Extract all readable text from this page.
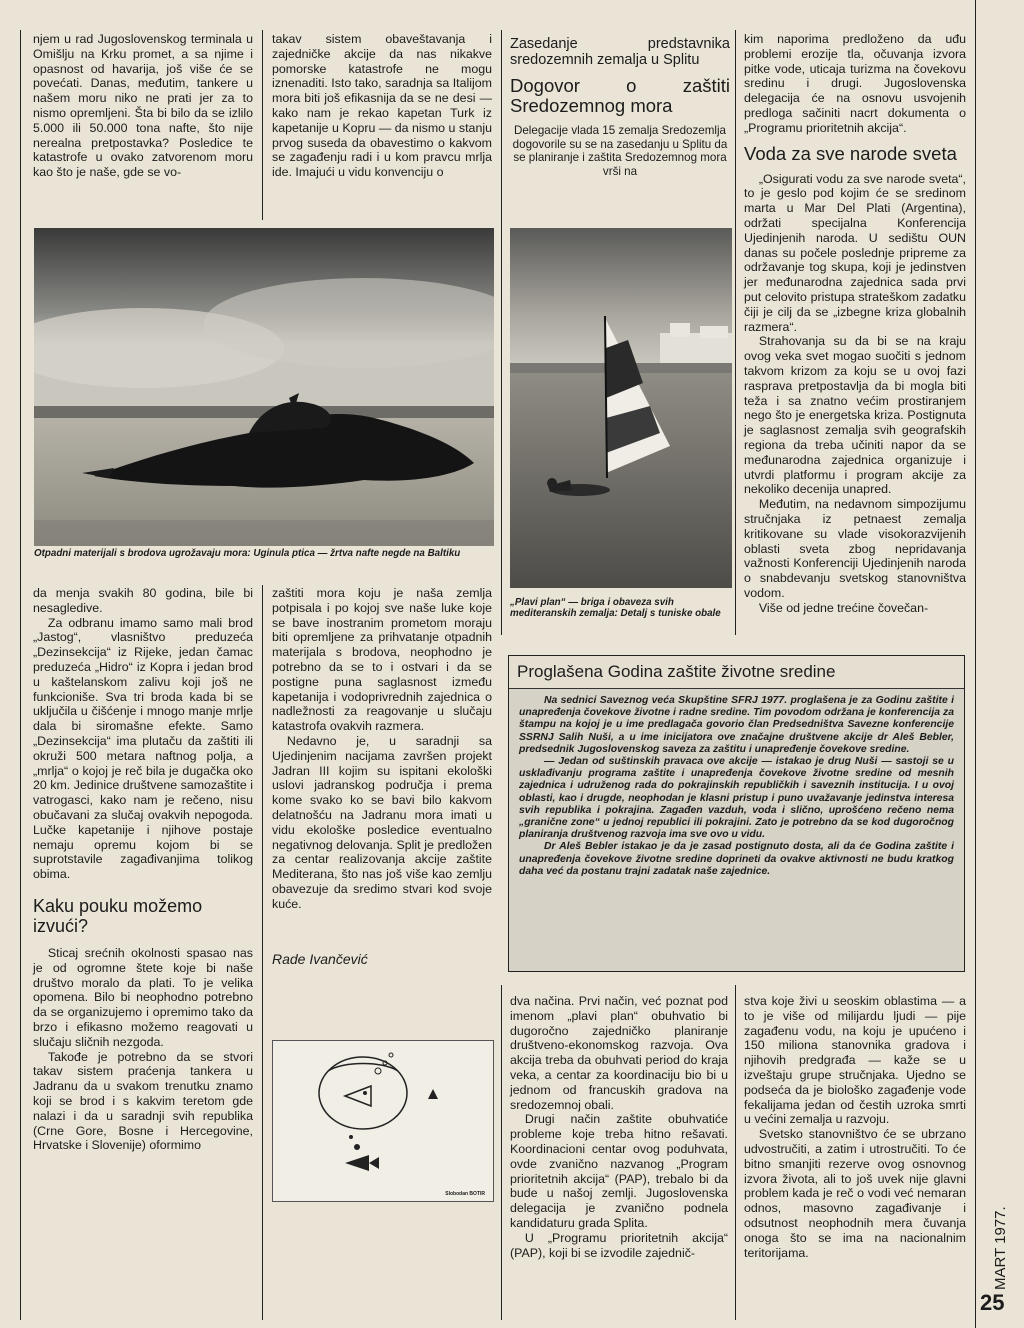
njem u rad Jugoslovenskog terminala u Omišlju na Krku promet, a sa njime i opasnost od havarija, još više će se povećati. Danas, međutim, tankere u našem moru niko ne prati jer za to nismo opremljeni. Šta bi bilo da se izlilo 5.000 ili 50.000 tona nafte, što nije nerealna pretpostavka? Posledice te katastrofe u ovako zatvorenom moru kao što je naše, gde se vo-

takav sistem obaveštavanja i zajedničke akcije da nas nikakve pomorske katastrofe ne mogu iznenaditi. Isto tako, saradnja sa Italijom mora biti još efikasnija da se ne desi — kako nam je rekao kapetan Turk iz kapetanije u Kopru — da nismo u stanju prvog suseda da obavestimo o kakvom se zagađenju radi i u kom pravcu mrlja ide. Imajući u vidu konvenciju o

Otpadni materijali s brodova ugrožavaju mora: Uginula ptica — žrtva nafte negde na Baltiku
Zasedanje predstavnika sredozemnih zemalja u Splitu
Dogovor o zaštiti Sredozemnog mora
Delegacije vlada 15 zemalja Sredozemlja dogovorile su se na zasedanju u Splitu da se planiranje i zaštita Sredozemnog mora vrši na
„Plavi plan“ — briga i obaveza svih mediteranskih zemalja: Detalj s tuniske obale

kim naporima predloženo da uđu problemi erozije tla, očuvanja izvora pitke vode, uticaja turizma na čovekovu sredinu i drugi. Jugoslovenska delegacija će na osnovu usvojenih predloga sačiniti nacrt dokumenta o „Programu prioritetnih akcija“.

Voda za sve narode sveta

„Osigurati vodu za sve narode sveta“, to je geslo pod kojim će se sredinom marta u Mar Del Plati (Argentina), održati specijalna Konferencija Ujedinjenih naroda. U sedištu OUN danas su počele poslednje pripreme za održavanje tog skupa, koji je jedinstven jer međunarodna zajednica sada prvi put celovito pristupa strateškom zadatku čiji je cilj da se „izbegne kriza globalnih razmera“.

Strahovanja su da bi se na kraju ovog veka svet mogao suočiti s jednom takvom krizom za koju se u ovoj fazi rasprava pretpostavlja da bi mogla biti teža i sa znatno većim prostiranjem nego što je energetska kriza. Postignuta je saglasnost zemalja svih geografskih regiona da treba učiniti napor da se međunarodna zajednica organizuje i utvrdi platformu i program akcije za nekoliko decenija unapred.

Međutim, na nedavnom simpozijumu stručnjaka iz petnaest zemalja kritikovane su vlade visokorazvijenih oblasti sveta zbog nepridavanja važnosti Konferenciji Ujedinjenih naroda o snabdevanju svetskog stanovništva vodom.

Više od jedne trećine čovečan-

da menja svakih 80 godina, bile bi nesagledive.

Za odbranu imamo samo mali brod „Jastog“, vlasništvo preduzeća „Dezinsekcija“ iz Rijeke, jedan čamac preduzeća „Hidro“ iz Kopra i jedan brod u kaštelanskom zalivu koji još ne funkcioniše. Sva tri broda kada bi se uključila u čišćenje i mnogo manje mrlje dala bi siromašne efekte. Samo „Dezinsekcija“ ima plutaču da zaštiti ili okruži 500 metara naftnog polja, a „mrlja“ o kojoj je reč bila je dugačka oko 20 km. Jedinice društvene samozaštite i vatrogasci, kako nam je rečeno, nisu obučavani za slučaj ovakvih nepogoda. Lučke kapetanije i njihove postaje nemaju opremu kojom bi se suprotstavile zagađivanjima tolikog obima.

Kaku pouku možemo izvući?

Sticaj srećnih okolnosti spasao nas je od ogromne štete koje bi naše društvo moralo da plati. To je velika opomena. Bilo bi neophodno potrebno da se organizujemo i opremimo tako da brzo i efikasno možemo reagovati u slučaju sličnih nezgoda.

Takođe je potrebno da se stvori takav sistem praćenja tankera u Jadranu da u svakom trenutku znamo koji se brod i s kakvim teretom gde nalazi i da u saradnji svih republika (Crne Gore, Bosne i Hercegovine, Hrvatske i Slovenije) oformimo

zaštiti mora koju je naša zemlja potpisala i po kojoj sve naše luke koje se bave inostranim prometom moraju biti opremljene za prihvatanje otpadnih materijala s brodova, neophodno je potrebno da se to i ostvari i da se postigne puna saglasnost između kapetanija i vodoprivrednih zajednica o nadležnosti za reagovanje u slučaju katastrofa ovakvih razmera.

Nedavno je, u saradnji sa Ujedinjenim nacijama završen projekt Jadran III kojim su ispitani ekološki uslovi jadranskog područja i prema kome svako ko se bavi bilo kakvom delatnošću na Jadranu mora imati u vidu ekološke posledice eventualno negativnog delovanja. Split je predložen za centar realizovanja akcije zaštite Mediterana, što nas još više kao zemlju obavezuje da sredimo stvari kod svoje kuće.

Rade Ivančević
Slobodan BOTIR
Proglašena Godina zaštite životne sredine

Na sednici Saveznog veća Skupštine SFRJ 1977. proglašena je za Godinu zaštite i unapređenja čovekove životne i radne sredine. Tim povodom održana je konferencija za štampu na kojoj je u ime predlagača govorio član Predsedništva Savezne konferencije SSRNJ Salih Nuši, a u ime inicijatora ove značajne društvene akcije dr Aleš Bebler, predsednik Jugoslovenskog saveza za zaštitu i unapređenje čovekove sredine.

— Jedan od suštinskih pravaca ove akcije — istakao je drug Nuši — sastoji se u usklađivanju programa zaštite i unapređenja čovekove životne sredine od mesnih zajednica i udruženog rada do pokrajinskih republičkih i saveznih institucija. I u ovoj oblasti, kao i drugde, neophodan je klasni pristup i puno uvažavanje jedinstva interesa svih republika i pokrajina. Zagađen vazduh, voda i slično, uprošćeno rečeno nema „granične zone“ u jednoj republici ili pokrajini. Zato je potrebno da se kod dugoročnog planiranja društvenog razvoja ima sve ovo u vidu.

Dr Aleš Bebler istakao je da je zasad postignuto dosta, ali da će Godina zaštite i unapređenja čovekove životne sredine doprineti da ovakve aktivnosti ne budu kratkog daha već da postanu trajni zadatak naše zajednice.

dva načina. Prvi način, već poznat pod imenom „plavi plan“ obuhvatio bi dugoročno zajedničko planiranje društveno-ekonomskog razvoja. Ova akcija treba da obuhvati period do kraja veka, a centar za koordinaciju bio bi u jednom od francuskih gradova na sredozemnoj obali.

Drugi način zaštite obuhvatiće probleme koje treba hitno rešavati. Koordinacioni centar ovog poduhvata, ovde zvanično nazvanog „Program prioritetnih akcija“ (PAP), trebalo bi da bude u našoj zemlji. Jugoslovenska delegacija je zvanično podnela kandidaturu grada Splita.

U „Programu prioritetnih akcija“ (PAP), koji bi se izvodile zajednič-

stva koje živi u seoskim oblastima — a to je više od milijardu ljudi — pije zagađenu vodu, na koju je upućeno i 150 miliona stanovnika gradova i njihovih predgrađa — kaže se u izveštaju grupe stručnjaka. Ujedno se podseća da je biološko zagađenje vode fekalijama jedan od čestih uzroka smrti u većini zemalja u razvoju.

Svetsko stanovništvo će se ubrzano udvostručiti, a zatim i utrostručiti. To će bitno smanjiti rezerve ovog osnovnog izvora života, ali to još uvek nije glavni problem kada je reč o vodi već nemaran odnos, masovno zagađivanje i odsutnost neophodnih mera čuvanja onoga što se ima na nacionalnim teritorijama.	MART 1977.
25
